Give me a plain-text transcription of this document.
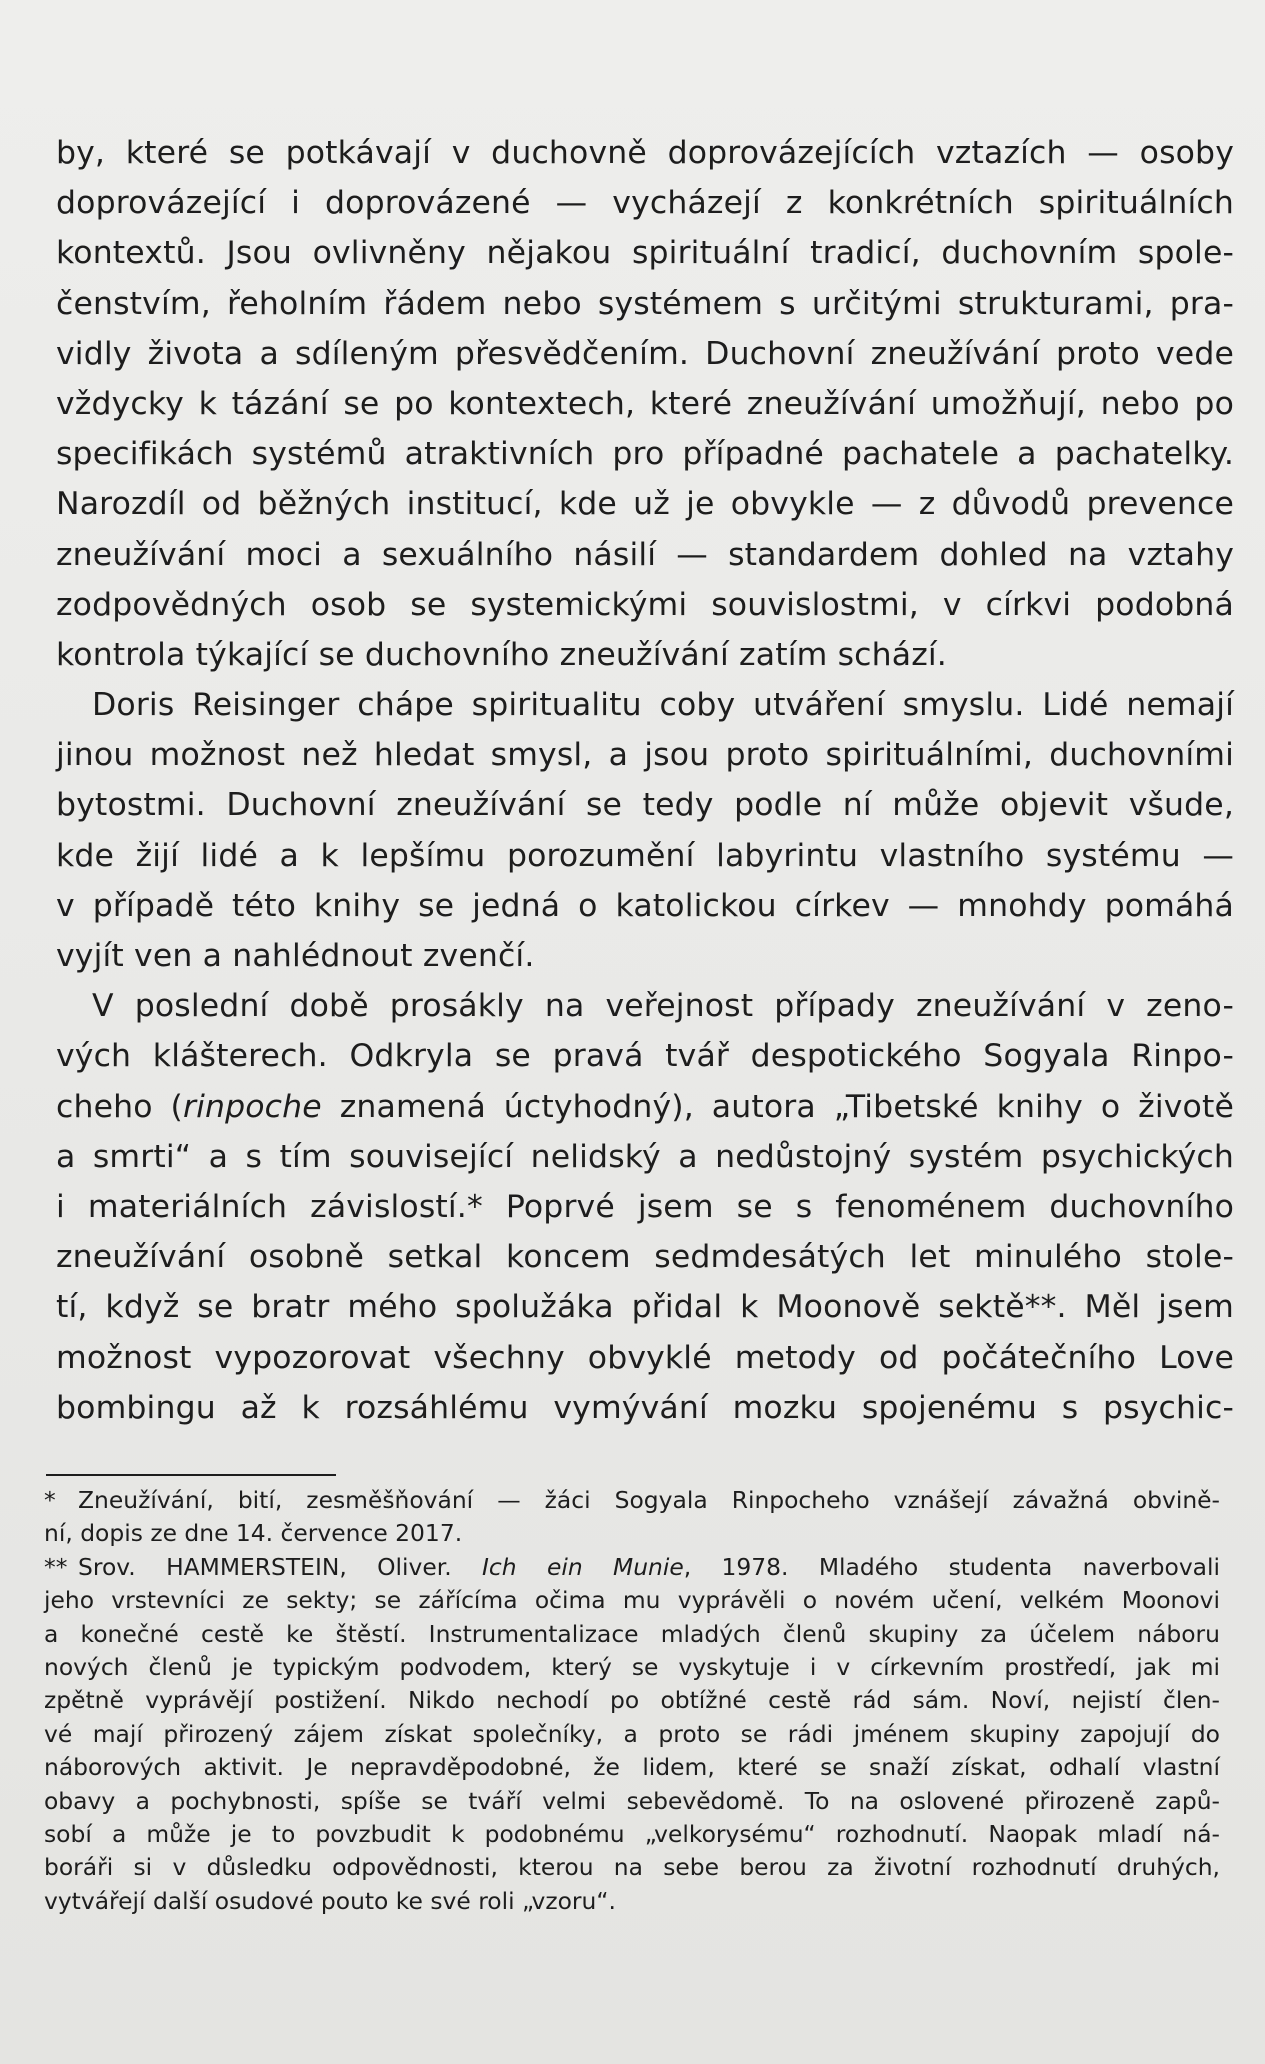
by, které se potkávají v duchovně doprovázejících vztazích — osoby
doprovázející i doprovázené — vycházejí z konkrétních spirituálních
kontextů. Jsou ovlivněny nějakou spirituální tradicí, duchovním spole-
čenstvím, řeholním řádem nebo systémem s určitými strukturami, pra-
vidly života a sdíleným přesvědčením. Duchovní zneužívání proto vede
vždycky k tázání se po kontextech, které zneužívání umožňují, nebo po
specifikách systémů atraktivních pro případné pachatele a pachatelky.
Narozdíl od běžných institucí, kde už je obvykle — z důvodů prevence
zneužívání moci a sexuálního násilí — standardem dohled na vztahy
zodpovědných osob se systemickými souvislostmi, v církvi podobná
kontrola týkající se duchovního zneužívání zatím schází.
Doris Reisinger chápe spiritualitu coby utváření smyslu. Lidé nemají
jinou možnost než hledat smysl, a jsou proto spirituálními, duchovními
bytostmi. Duchovní zneužívání se tedy podle ní může objevit všude,
kde žijí lidé a k lepšímu porozumění labyrintu vlastního systému —
v případě této knihy se jedná o katolickou církev — mnohdy pomáhá
vyjít ven a nahlédnout zvenčí.
V poslední době prosákly na veřejnost případy zneužívání v zeno-
vých klášterech. Odkryla se pravá tvář despotického Sogyala Rinpo-
cheho (rinpoche znamená úctyhodný), autora „Tibetské knihy o životě
a smrti“ a s tím související nelidský a nedůstojný systém psychických
i materiálních závislostí.* Poprvé jsem se s fenoménem duchovního
zneužívání osobně setkal koncem sedmdesátých let minulého stole-
tí, když se bratr mého spolužáka přidal k Moonově sektě**. Měl jsem
možnost vypozorovat všechny obvyklé metody od počátečního Love
bombingu až k rozsáhlému vymývání mozku spojenému s psychic-
* Zneužívání, bití, zesměšňování — žáci Sogyala Rinpocheho vznášejí závažná obvině-
ní, dopis ze dne 14. července 2017.
** Srov. HAMMERSTEIN, Oliver. Ich ein Munie, 1978. Mladého studenta naverbovali
jeho vrstevníci ze sekty; se zářícíma očima mu vyprávěli o novém učení, velkém Moonovi
a konečné cestě ke štěstí. Instrumentalizace mladých členů skupiny za účelem náboru
nových členů je typickým podvodem, který se vyskytuje i v církevním prostředí, jak mi
zpětně vyprávějí postižení. Nikdo nechodí po obtížné cestě rád sám. Noví, nejistí člen-
vé mají přirozený zájem získat společníky, a proto se rádi jménem skupiny zapojují do
náborových aktivit. Je nepravděpodobné, že lidem, které se snaží získat, odhalí vlastní
obavy a pochybnosti, spíše se tváří velmi sebevědomě. To na oslovené přirozeně zapů-
sobí a může je to povzbudit k podobnému „velkorysému“ rozhodnutí. Naopak mladí ná-
boráři si v důsledku odpovědnosti, kterou na sebe berou za životní rozhodnutí druhých,
vytvářejí další osudové pouto ke své roli „vzoru“.
